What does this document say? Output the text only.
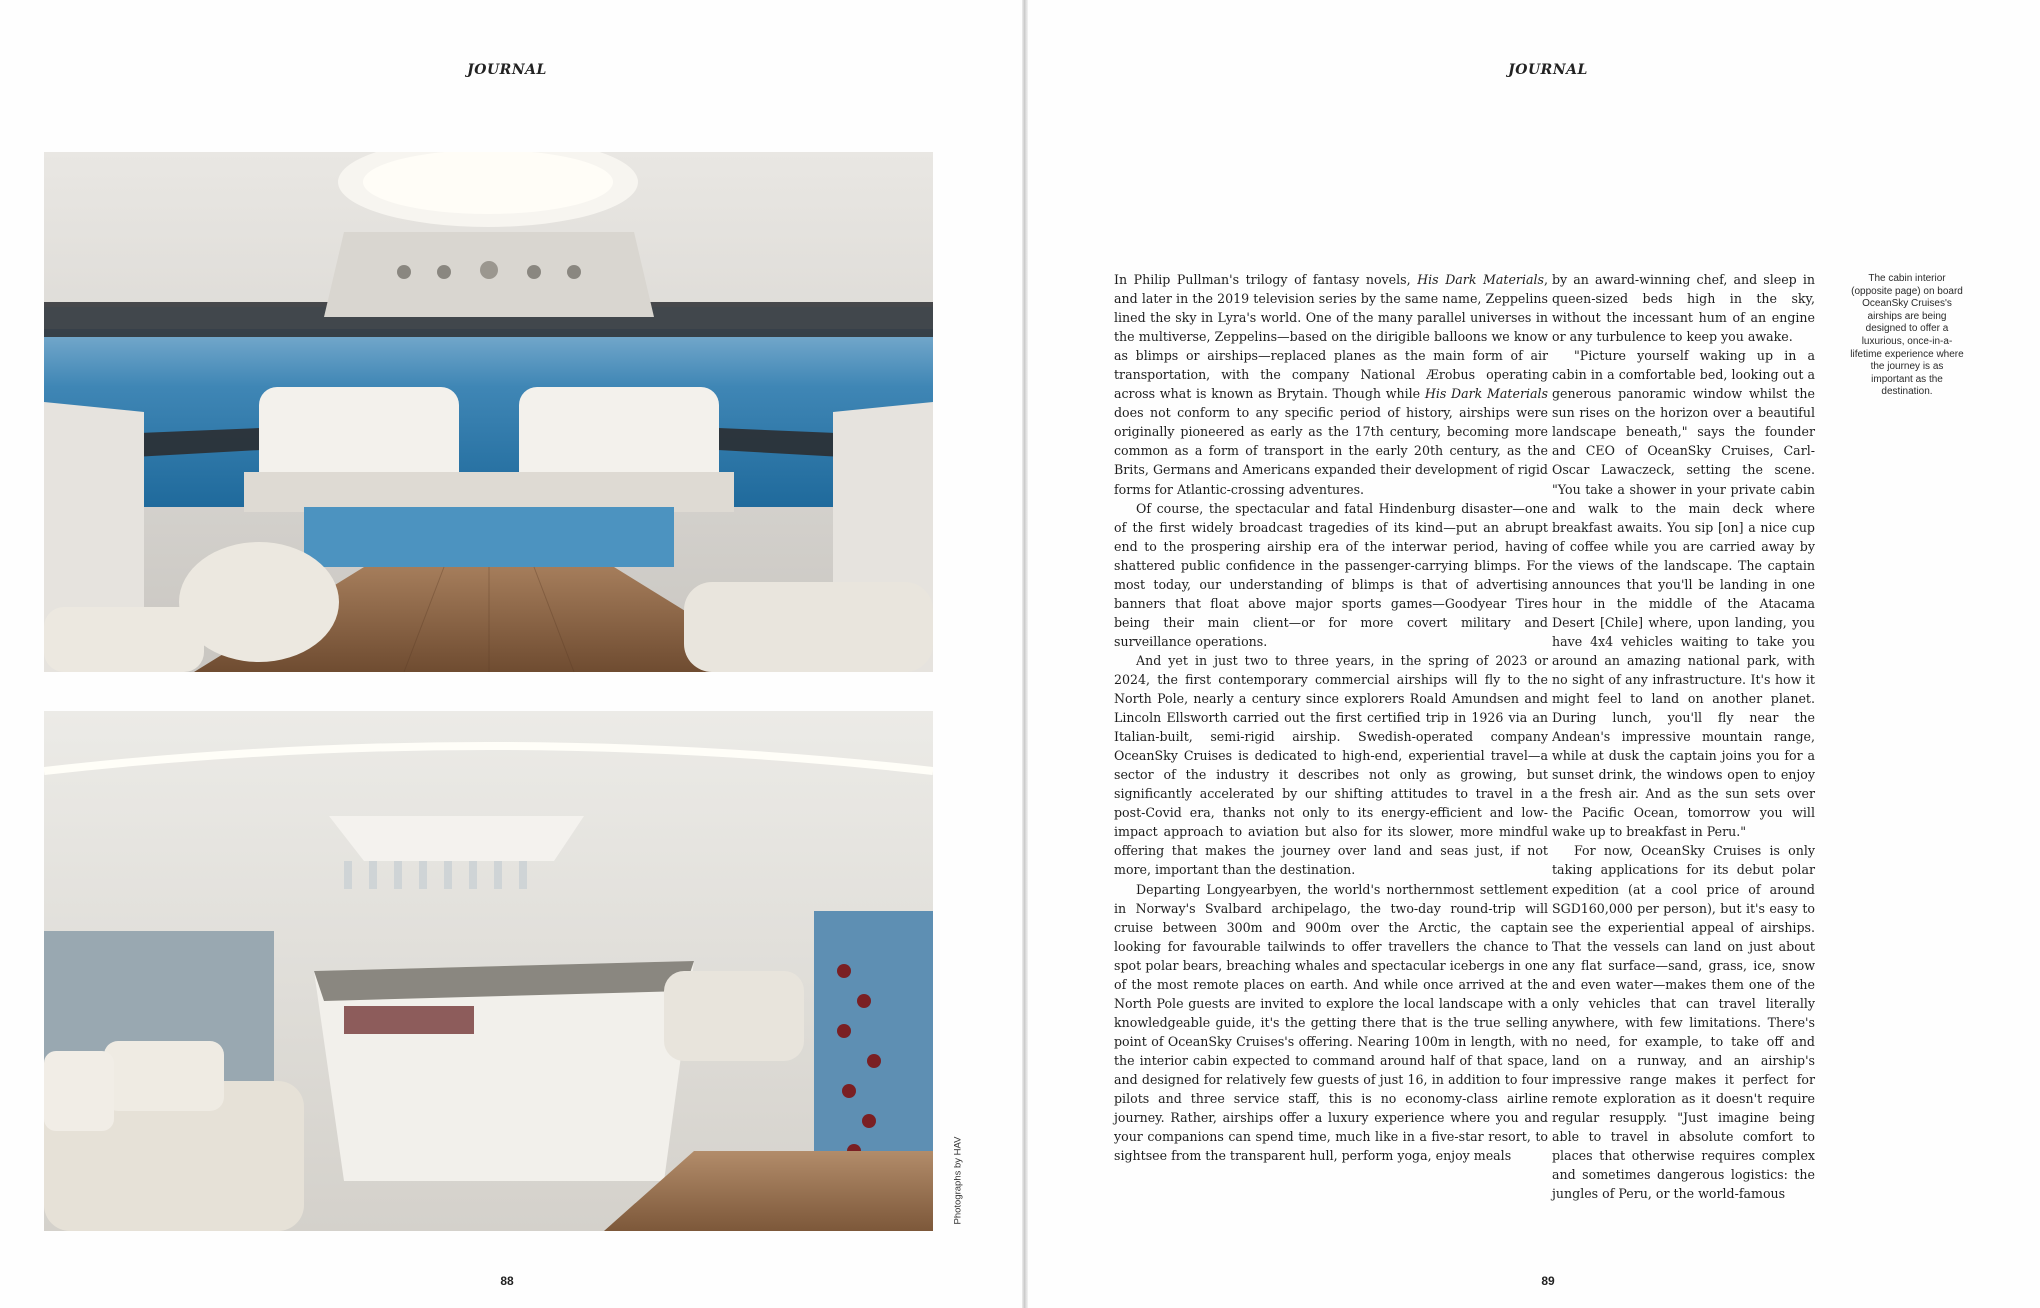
JOURNAL
Photographs by HAV
88
JOURNAL
89

In Philip Pullman's trilogy of fantasy novels, His Dark Materials, and later in the 2019 television series by the same name, Zeppelins lined the sky in Lyra's world. One of the many parallel universes in the multiverse, Zeppelins—based on the dirigible balloons we know as blimps or airships—replaced planes as the main form of air transportation, with the company National Ærobus operating across what is known as Brytain. Though while His Dark Materials does not conform to any specific period of history, airships were originally pioneered as early as the 17th century, becoming more common as a form of transport in the early 20th century, as the Brits, Germans and Americans expanded their development of rigid forms for Atlantic-crossing adventures.

Of course, the spectacular and fatal Hindenburg disaster—one of the first widely broadcast tragedies of its kind—put an abrupt end to the prospering airship era of the interwar period, having shattered public confidence in the passenger-carrying blimps. For most today, our understanding of blimps is that of advertising banners that float above major sports games—Goodyear Tires being their main client—or for more covert military and surveillance operations.

And yet in just two to three years, in the spring of 2023 or 2024, the first contemporary commercial airships will fly to the North Pole, nearly a century since explorers Roald Amundsen and Lincoln Ellsworth carried out the first certified trip in 1926 via an Italian-built, semi-rigid airship. Swedish-operated company OceanSky Cruises is dedicated to high-end, experiential travel—a sector of the industry it describes not only as growing, but significantly accelerated by our shifting attitudes to travel in a post-Covid era, thanks not only to its energy-efficient and low-impact approach to aviation but also for its slower, more mindful offering that makes the journey over land and seas just, if not more, important than the destination.

Departing Longyearbyen, the world's northernmost settlement in Norway's Svalbard archipelago, the two-day round-trip will cruise between 300m and 900m over the Arctic, the captain looking for favourable tailwinds to offer travellers the chance to spot polar bears, breaching whales and spectacular icebergs in one of the most remote places on earth. And while once arrived at the North Pole guests are invited to explore the local landscape with a knowledgeable guide, it's the getting there that is the true selling point of OceanSky Cruises's offering. Nearing 100m in length, with the interior cabin expected to command around half of that space, and designed for relatively few guests of just 16, in addition to four pilots and three service staff, this is no economy-class airline journey. Rather, airships offer a luxury experience where you and your companions can spend time, much like in a five-star resort, to sightsee from the transparent hull, perform yoga, enjoy meals

by an award-winning chef, and sleep in queen-sized beds high in the sky, without the incessant hum of an engine or any turbulence to keep you awake.

"Picture yourself waking up in a cabin in a comfortable bed, looking out a generous panoramic window whilst the sun rises on the horizon over a beautiful landscape beneath," says the founder and CEO of OceanSky Cruises, Carl-Oscar Lawaczeck, setting the scene. "You take a shower in your private cabin and walk to the main deck where breakfast awaits. You sip [on] a nice cup of coffee while you are carried away by the views of the landscape. The captain announces that you'll be landing in one hour in the middle of the Atacama Desert [Chile] where, upon landing, you have 4x4 vehicles waiting to take you around an amazing national park, with no sight of any infrastructure. It's how it might feel to land on another planet. During lunch, you'll fly near the Andean's impressive mountain range, while at dusk the captain joins you for a sunset drink, the windows open to enjoy the fresh air. And as the sun sets over the Pacific Ocean, tomorrow you will wake up to breakfast in Peru."

For now, OceanSky Cruises is only taking applications for its debut polar expedition (at a cool price of around SGD160,000 per person), but it's easy to see the experiential appeal of airships. That the vessels can land on just about any flat surface—sand, grass, ice, snow and even water—makes them one of the only vehicles that can travel literally anywhere, with few limitations. There's no need, for example, to take off and land on a runway, and an airship's impressive range makes it perfect for remote exploration as it doesn't require regular resupply. "Just imagine being able to travel in absolute comfort to places that otherwise requires complex and sometimes dangerous logistics: the jungles of Peru, or the world-famous

The cabin interior (opposite page) on board OceanSky Cruises's airships are being designed to offer a luxurious, once-in-a-lifetime experience where the journey is as important as the destination.
